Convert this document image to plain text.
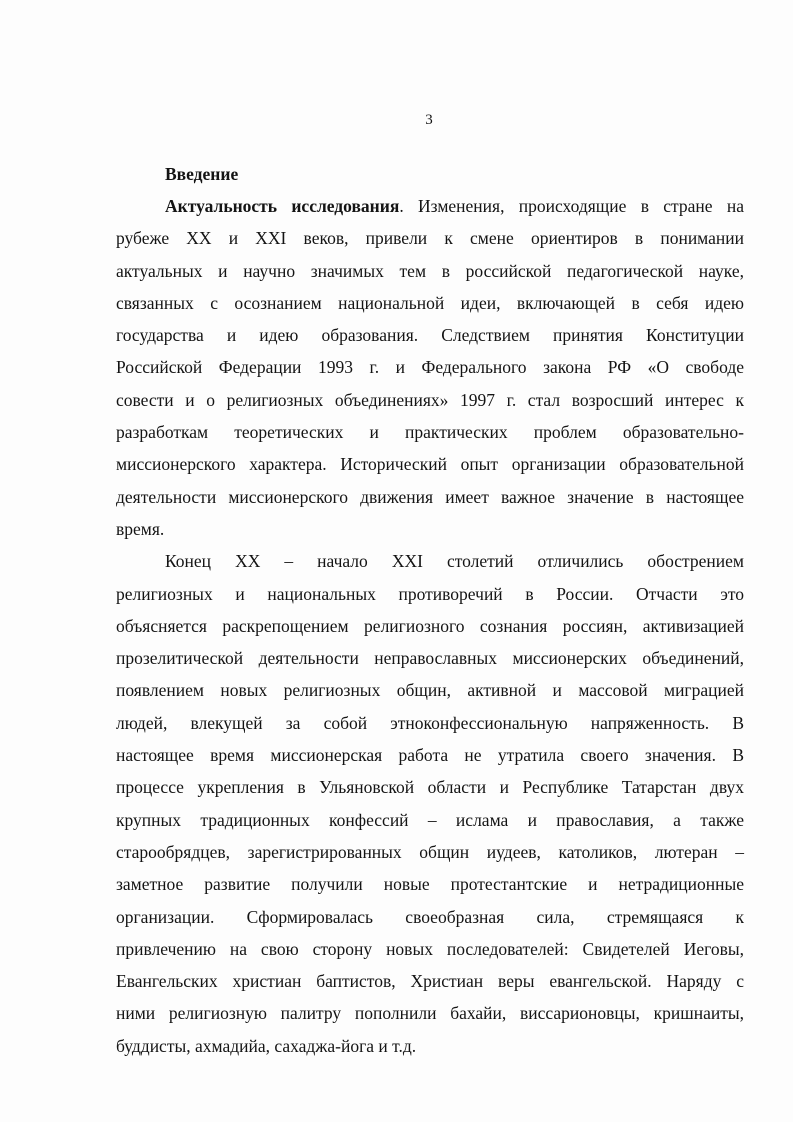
3
Введение
Актуальность исследования. Изменения, происходящие в стране на
рубеже XX и XXI веков, привели к смене ориентиров в понимании
актуальных и научно значимых тем в российской педагогической науке,
связанных с осознанием национальной идеи, включающей в себя идею
государства и идею образования. Следствием принятия Конституции
Российской Федерации 1993 г. и Федерального закона РФ «О свободе
совести и о религиозных объединениях» 1997 г. стал возросший интерес к
разработкам теоретических и практических проблем образовательно-
миссионерского характера. Исторический опыт организации образовательной
деятельности миссионерского движения имеет важное значение в настоящее
время.
Конец XX – начало XXI столетий отличились обострением
религиозных и национальных противоречий в России. Отчасти это
объясняется раскрепощением религиозного сознания россиян, активизацией
прозелитической деятельности неправославных миссионерских объединений,
появлением новых религиозных общин, активной и массовой миграцией
людей, влекущей за собой этноконфессиональную напряженность. В
настоящее время миссионерская работа не утратила своего значения. В
процессе укрепления в Ульяновской области и Республике Татарстан двух
крупных традиционных конфессий – ислама и православия, а также
старообрядцев, зарегистрированных общин иудеев, католиков, лютеран –
заметное развитие получили новые протестантские и нетрадиционные
организации. Сформировалась своеобразная сила, стремящаяся к
привлечению на свою сторону новых последователей: Свидетелей Иеговы,
Евангельских христиан баптистов, Христиан веры евангельской. Наряду с
ними религиозную палитру пополнили бахайи, виссарионовцы, кришнаиты,
буддисты, ахмадийа, сахаджа-йога и т.д.
